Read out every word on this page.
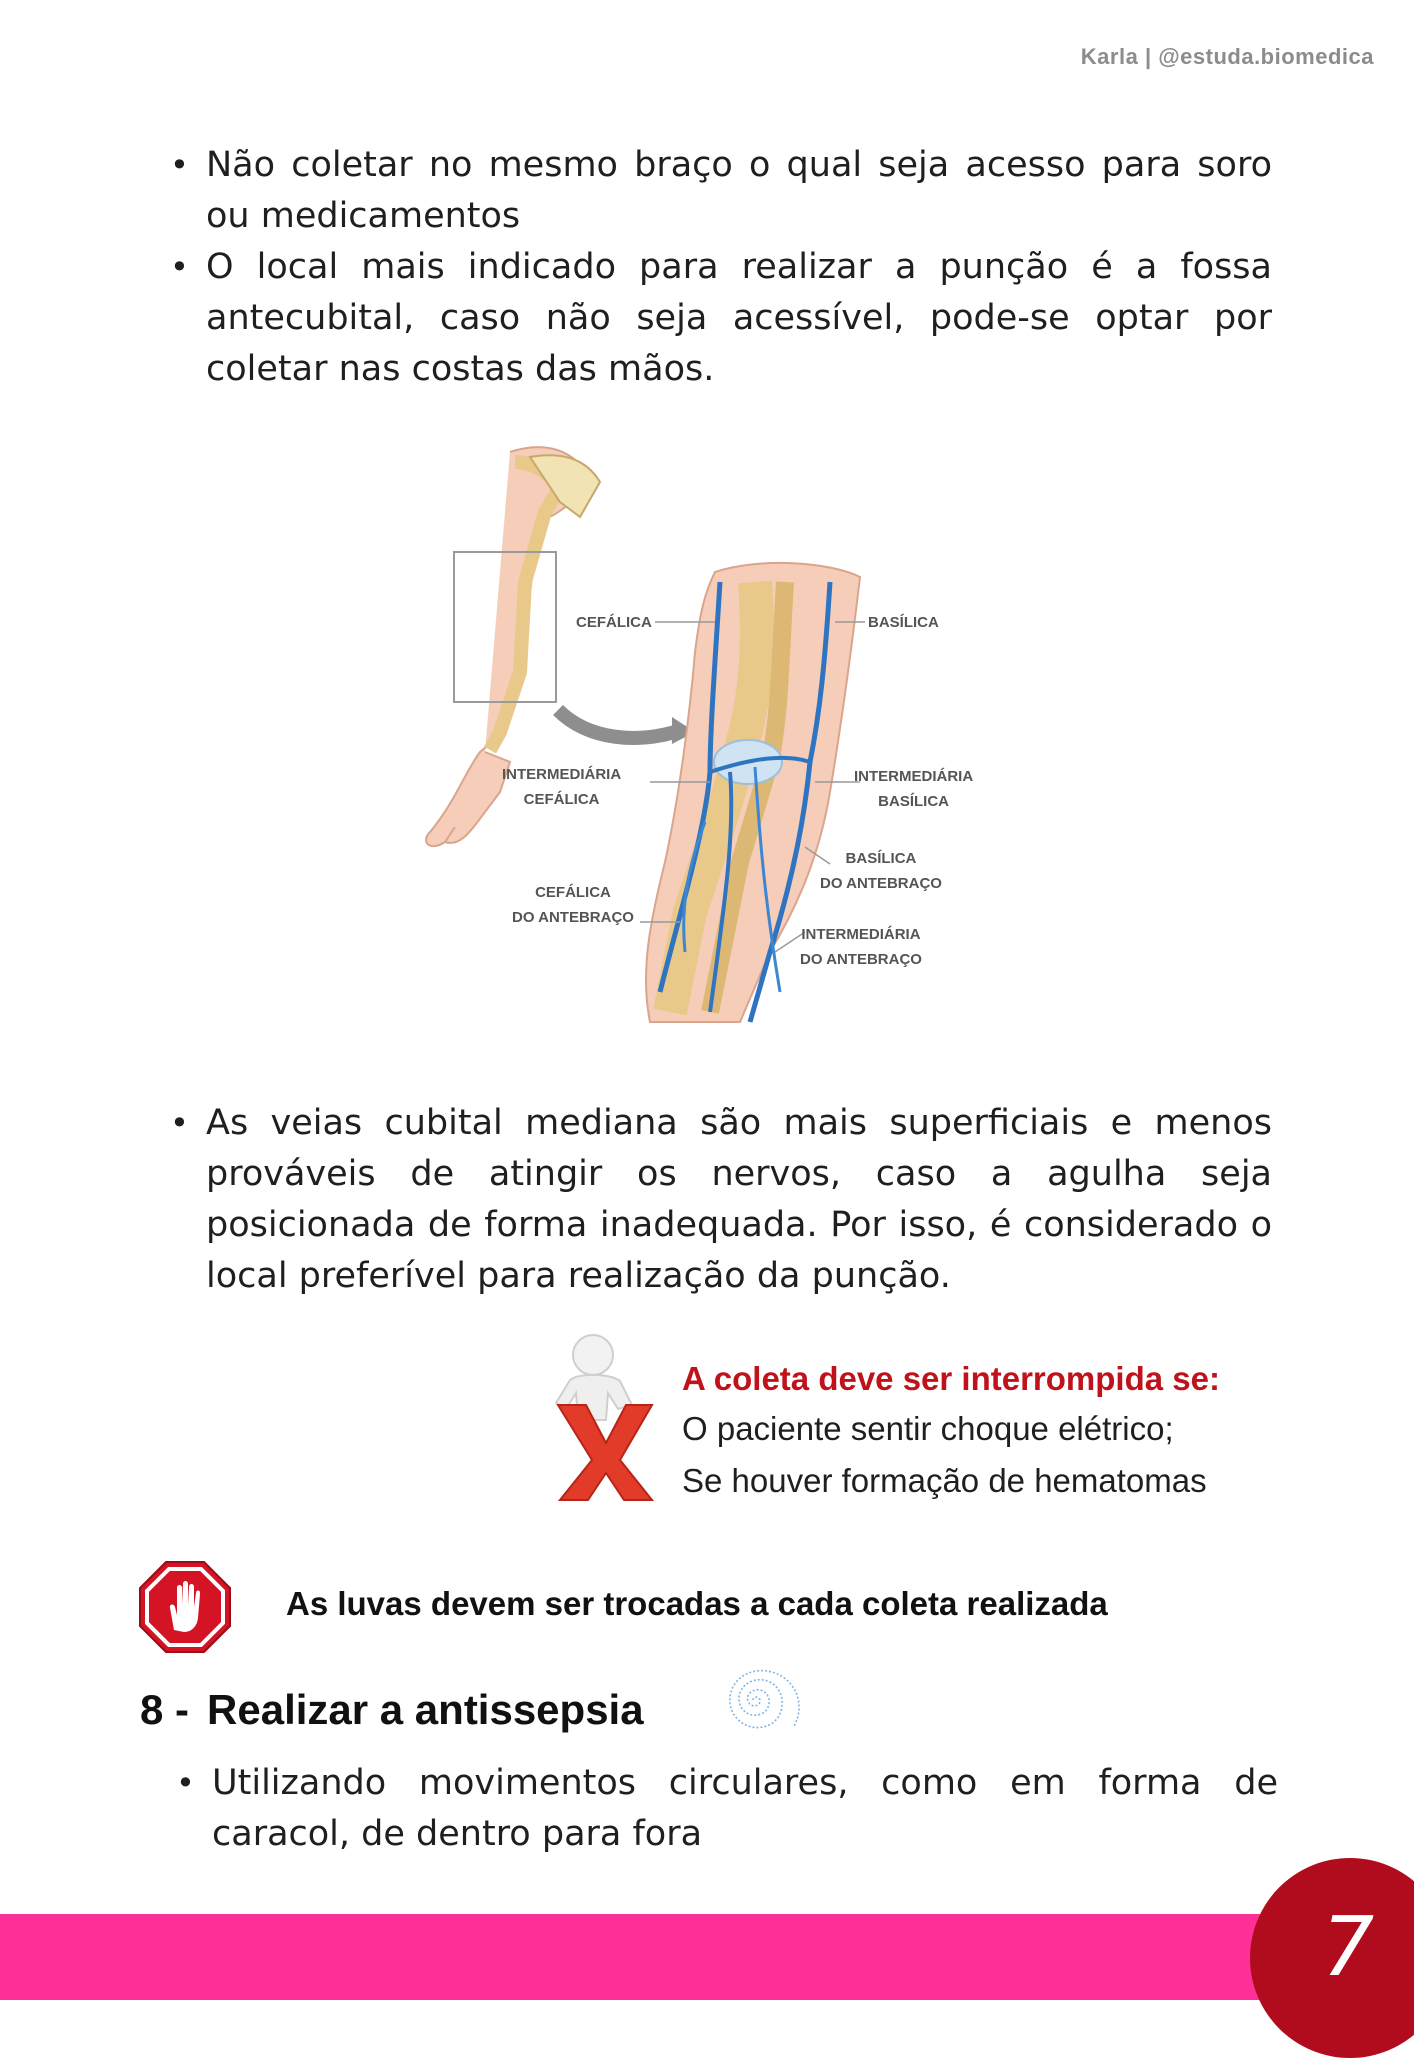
Karla | @estuda.biomedica
• Não coletar no mesmo braço o qual seja acesso para soro ou medicamentos
• O local mais indicado para realizar a punção é a fossa antecubital, caso não seja acessível, pode-se optar por coletar nas costas das mãos.
CEFÁLICA	BASÍLICA
INTERMEDIÁRIA
CEFÁLICA
INTERMEDIÁRIA
BASÍLICA
BASÍLICA
DO ANTEBRAÇO
CEFÁLICA
DO ANTEBRAÇO
INTERMEDIÁRIA
DO ANTEBRAÇO
• As veias cubital mediana são mais superficiais e menos prováveis de atingir os nervos, caso a agulha seja posicionada de forma inadequada. Por isso, é considerado o local preferível para realização da punção.
A coleta deve ser interrompida se:
O paciente sentir choque elétrico;
Se houver formação de hematomas
As luvas devem ser trocadas a cada coleta realizada
8 - Realizar a antissepsia
• Utilizando movimentos circulares, como em forma de caracol, de dentro para fora
7
